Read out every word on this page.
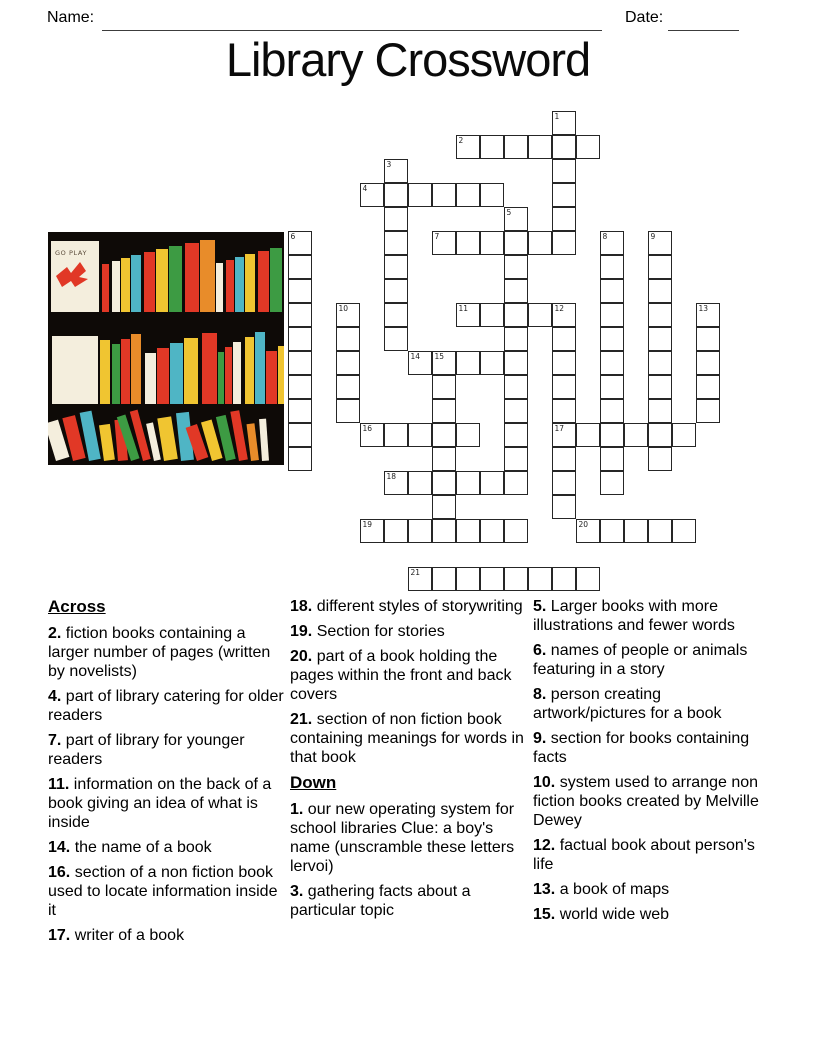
Name:	Date:
Library Crossword
GO PLAY
1
2
3
4
5
6	7	8	9
10	11	12	13
14 15
16	17
18
19	20
21
Across

2. fiction books containing a larger number of pages (written by novelists)

4. part of library catering for older readers

7. part of library for younger readers

11. information on the back of a book giving an idea of what is inside

14. the name of a book

16. section of a non fiction book used to locate information inside it

17. writer of a book

18. different styles of storywriting

19. Section for stories

20. part of a book holding the pages within the front and back covers

21. section of non fiction book containing meanings for words in that book

Down

1. our new operating system for school libraries Clue: a boy's name (unscramble these letters lervoi)

3. gathering facts about a particular topic

5. Larger books with more illustrations and fewer words

6. names of people or animals featuring in a story

8. person creating artwork/pictures for a book

9. section for books containing facts

10. system used to arrange non fiction books created by Melville Dewey

12. factual book about person's life

13. a book of maps

15. world wide web
